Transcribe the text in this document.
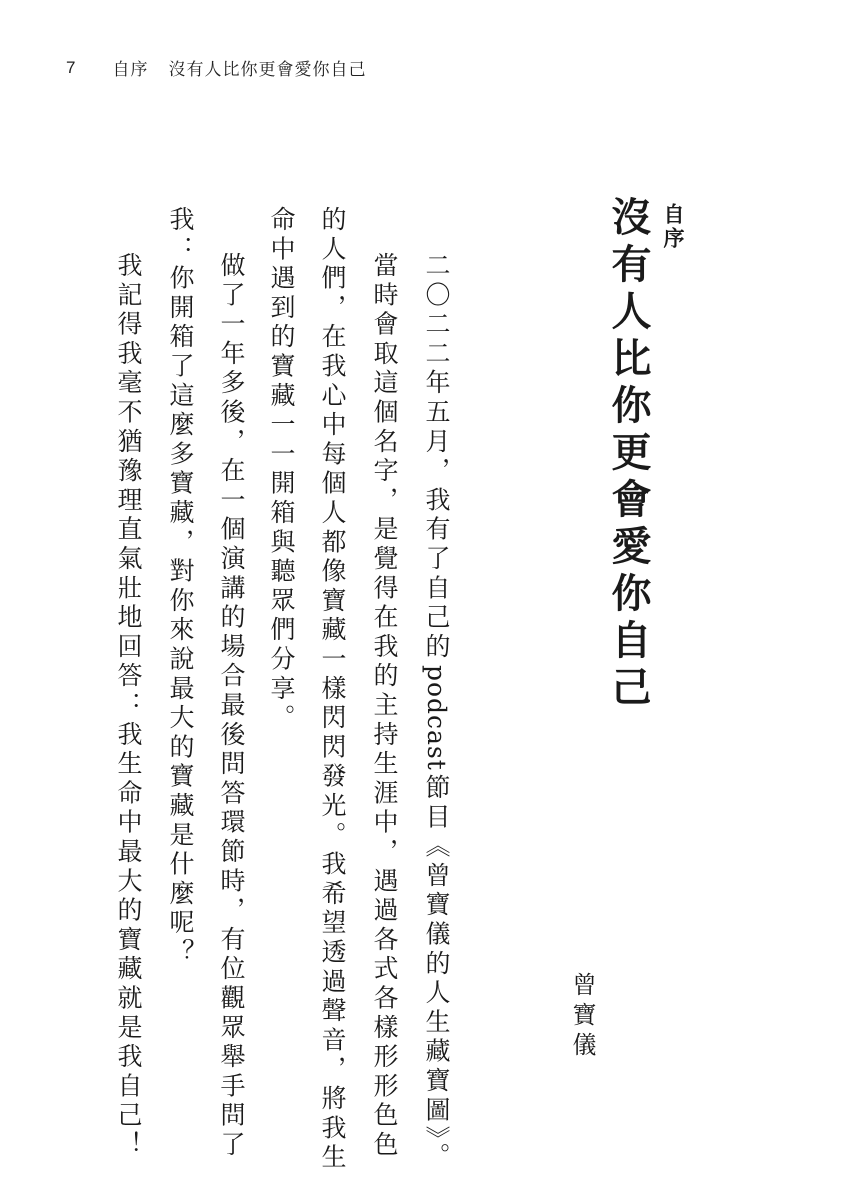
7 自序 沒有人比你更會愛你自己
自序
沒有人比你更會愛你自己
曾寶儀
二〇二二年五月，我有了自己的podcast節目《曾寶儀的人生藏寶圖》。
當時會取這個名字，是覺得在我的主持生涯中，遇過各式各樣形形色色
的人們，在我心中每個人都像寶藏一樣閃閃發光。我希望透過聲音，將我生
命中遇到的寶藏一一開箱與聽眾們分享。
做了一年多後，在一個演講的場合最後問答環節時，有位觀眾舉手問了
我：你開箱了這麼多寶藏，對你來說最大的寶藏是什麼呢？
我記得我毫不猶豫理直氣壯地回答：我生命中最大的寶藏就是我自己！
